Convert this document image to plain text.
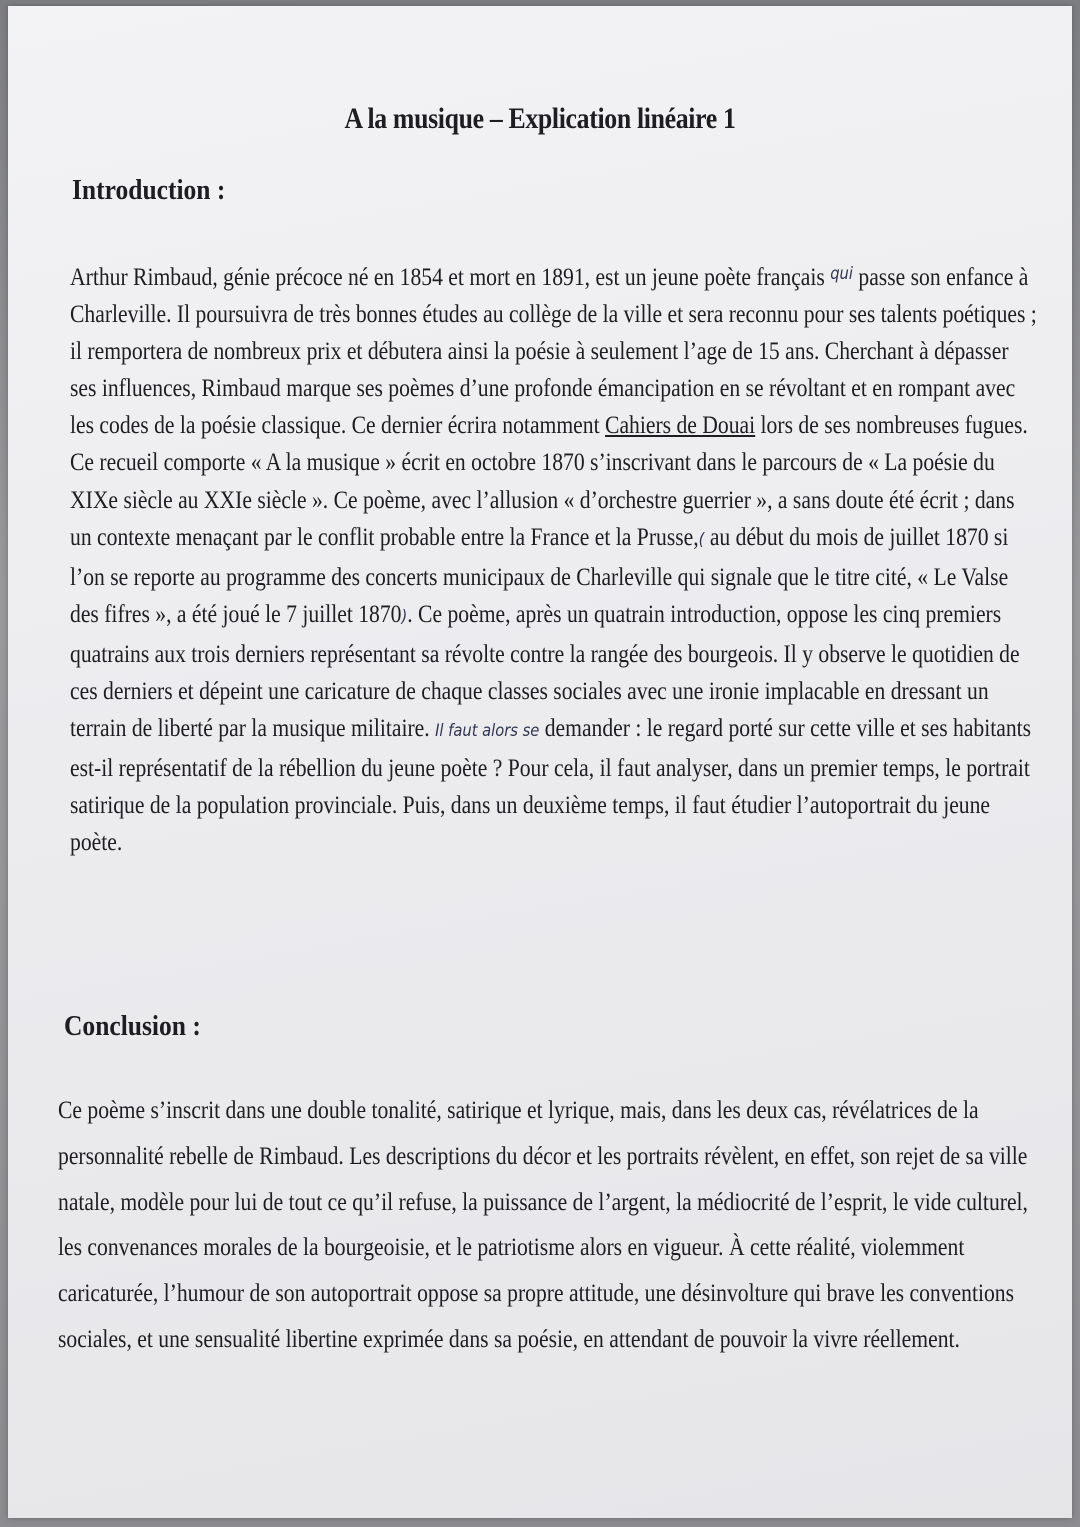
A la musique – Explication linéaire 1
Introduction :

Arthur Rimbaud, génie précoce né en 1854 et mort en 1891, est un jeune poète français $^{qui}$ passe son enfance à Charleville. Il poursuivra de très bonnes études au collège de la ville et sera reconnu pour ses talents poétiques ; il remportera de nombreux prix et débutera ainsi la poésie à seulement l’age de 15 ans. Cherchant à dépasser ses influences, Rimbaud marque ses poèmes d’une profonde émancipation en se révoltant et en rompant avec les codes de la poésie classique. Ce dernier écrira notamment Cahiers de Douai lors de ses nombreuses fugues. Ce recueil comporte « A la musique » écrit en octobre 1870 s’inscrivant dans le parcours de « La poésie du XIXe siècle au XXIe siècle ». Ce poème, avec l’allusion « d’orchestre guerrier », a sans doute été écrit ; dans un contexte menaçant par le conflit probable entre la France et la Prusse,( au début du mois de juillet 1870 si l’on se reporte au programme des concerts municipaux de Charleville qui signale que le titre cité, « Le Valse des fifres », a été joué le 7 juillet 1870). Ce poème, après un quatrain introduction, oppose les cinq premiers quatrains aux trois derniers représentant sa révolte contre la rangée des bourgeois. Il y observe le quotidien de ces derniers et dépeint une caricature de chaque classes sociales avec une ironie implacable en dressant un terrain de liberté par la musique militaire. Il faut alors se demander : le regard porté sur cette ville et ses habitants est-il représentatif de la rébellion du jeune poète ? Pour cela, il faut analyser, dans un premier temps, le portrait satirique de la population provinciale. Puis, dans un deuxième temps, il faut étudier l’autoportrait du jeune poète.

Conclusion :

Ce poème s’inscrit dans une double tonalité, satirique et lyrique, mais, dans les deux cas, révélatrices de la personnalité rebelle de Rimbaud. Les descriptions du décor et les portraits révèlent, en effet, son rejet de sa ville natale, modèle pour lui de tout ce qu’il refuse, la puissance de l’argent, la médiocrité de l’esprit, le vide culturel, les convenances morales de la bourgeoisie, et le patriotisme alors en vigueur. À cette réalité, violemment caricaturée, l’humour de son autoportrait oppose sa propre attitude, une désinvolture qui brave les conventions sociales, et une sensualité libertine exprimée dans sa poésie, en attendant de pouvoir la vivre réellement.
